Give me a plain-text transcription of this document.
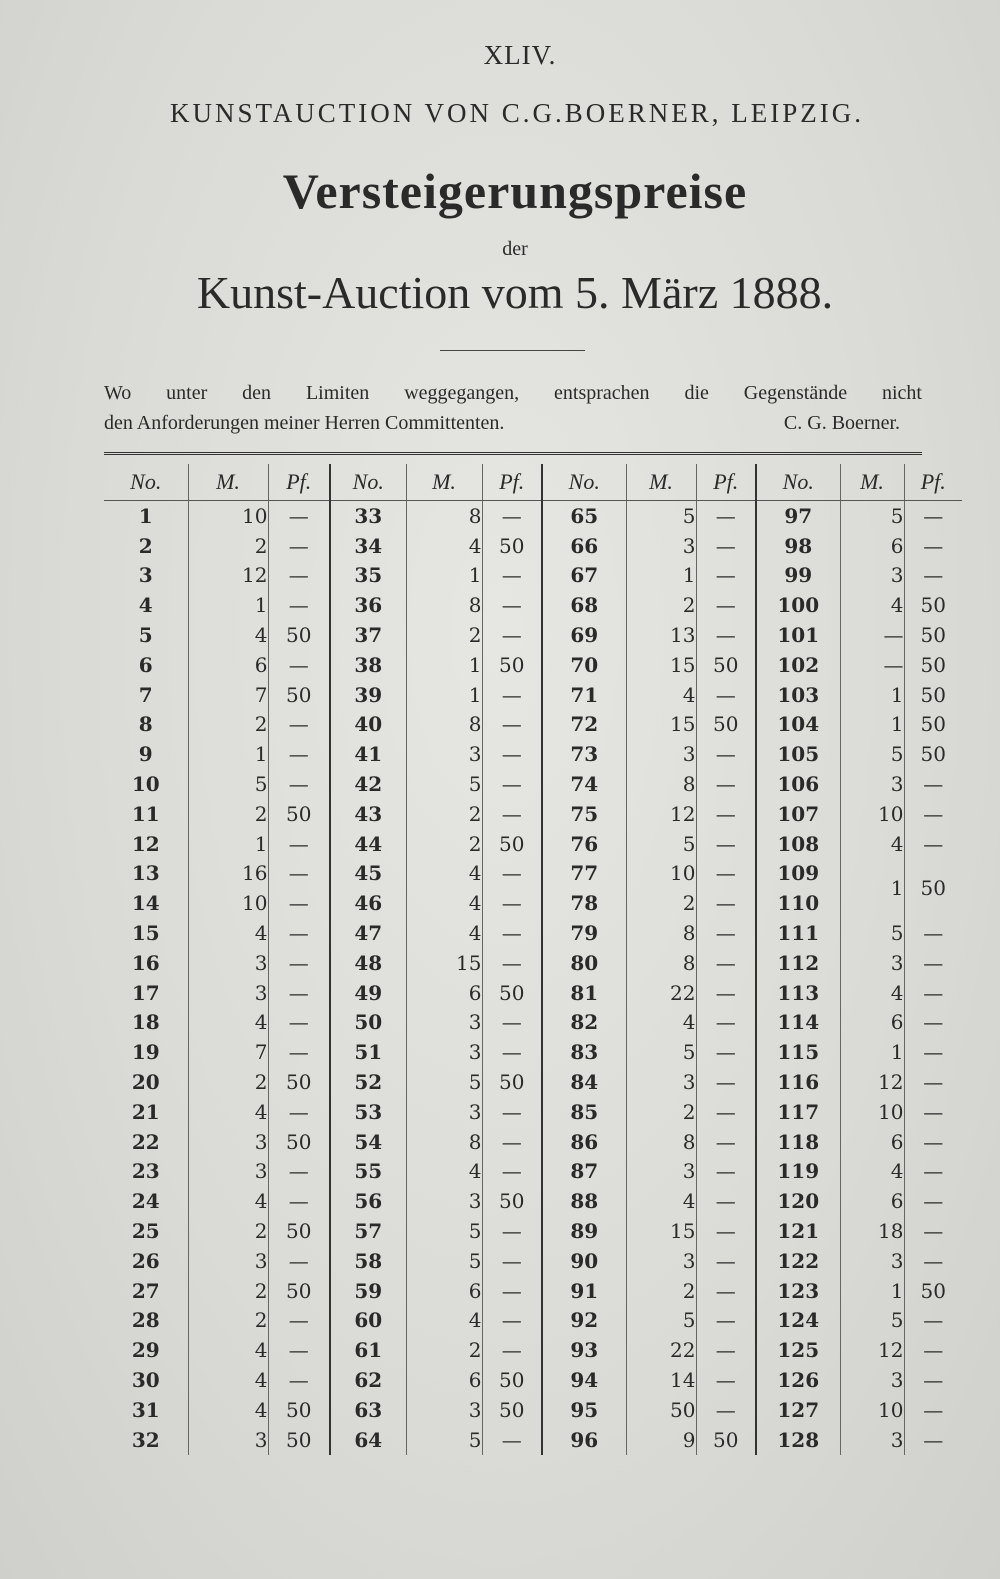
XLIV.
KUNSTAUCTION VON C.G.BOERNER, LEIPZIG.
Versteigerungspreise
der
Kunst-Auction vom 5. März 1888.
Wo unter den Limiten weggegangen, entsprachen die Gegenstände nicht
den Anforderungen meiner Herren Committenten.	C. G. Boerner.
No.	M.	Pf.	No.	M.	Pf.	No.	M.	Pf.	No.	M.	Pf.
1	10	—	33	8	—	65	5	—	97	5	—
2	2	—	34	4	50	66	3	—	98	6	—
3	12	—	35	1	—	67	1	—	99	3	—
4	1	—	36	8	—	68	2	—	100	4	50
5	4	50	37	2	—	69	13	—	101	—	50
6	6	—	38	1	50	70	15	50	102	—	50
7	7	50	39	1	—	71	4	—	103	1	50
8	2	—	40	8	—	72	15	50	104	1	50
9	1	—	41	3	—	73	3	—	105	5	50
10	5	—	42	5	—	74	8	—	106	3	—
11	2	50	43	2	—	75	12	—	107	10	—
12	1	—	44	2	50	76	5	—	108	4	—
13	16	—	45	4	—	77	10	—	109	1	50
14	10	—	46	4	—	78	2	—	110		
15	4	—	47	4	—	79	8	—	111	5	—
16	3	—	48	15	—	80	8	—	112	3	—
17	3	—	49	6	50	81	22	—	113	4	—
18	4	—	50	3	—	82	4	—	114	6	—
19	7	—	51	3	—	83	5	—	115	1	—
20	2	50	52	5	50	84	3	—	116	12	—
21	4	—	53	3	—	85	2	—	117	10	—
22	3	50	54	8	—	86	8	—	118	6	—
23	3	—	55	4	—	87	3	—	119	4	—
24	4	—	56	3	50	88	4	—	120	6	—
25	2	50	57	5	—	89	15	—	121	18	—
26	3	—	58	5	—	90	3	—	122	3	—
27	2	50	59	6	—	91	2	—	123	1	50
28	2	—	60	4	—	92	5	—	124	5	—
29	4	—	61	2	—	93	22	—	125	12	—
30	4	—	62	6	50	94	14	—	126	3	—
31	4	50	63	3	50	95	50	—	127	10	—
32	3	50	64	5	—	96	9	50	128	3	—
